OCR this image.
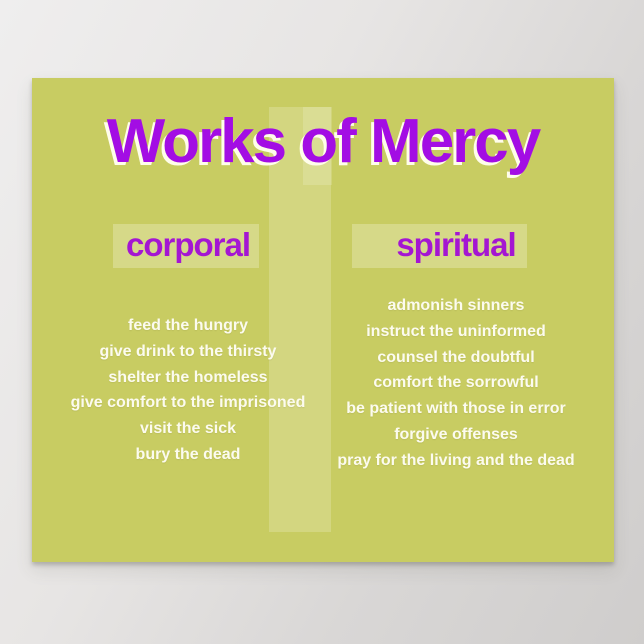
Works of Mercy
corporal
feed the hungry
give drink to the thirsty
shelter the homeless
give comfort to the imprisoned
visit the sick
bury the dead
spiritual
admonish sinners
instruct the uninformed
counsel the doubtful
comfort the sorrowful
be patient with those in error
forgive offenses
pray for the living and the dead
